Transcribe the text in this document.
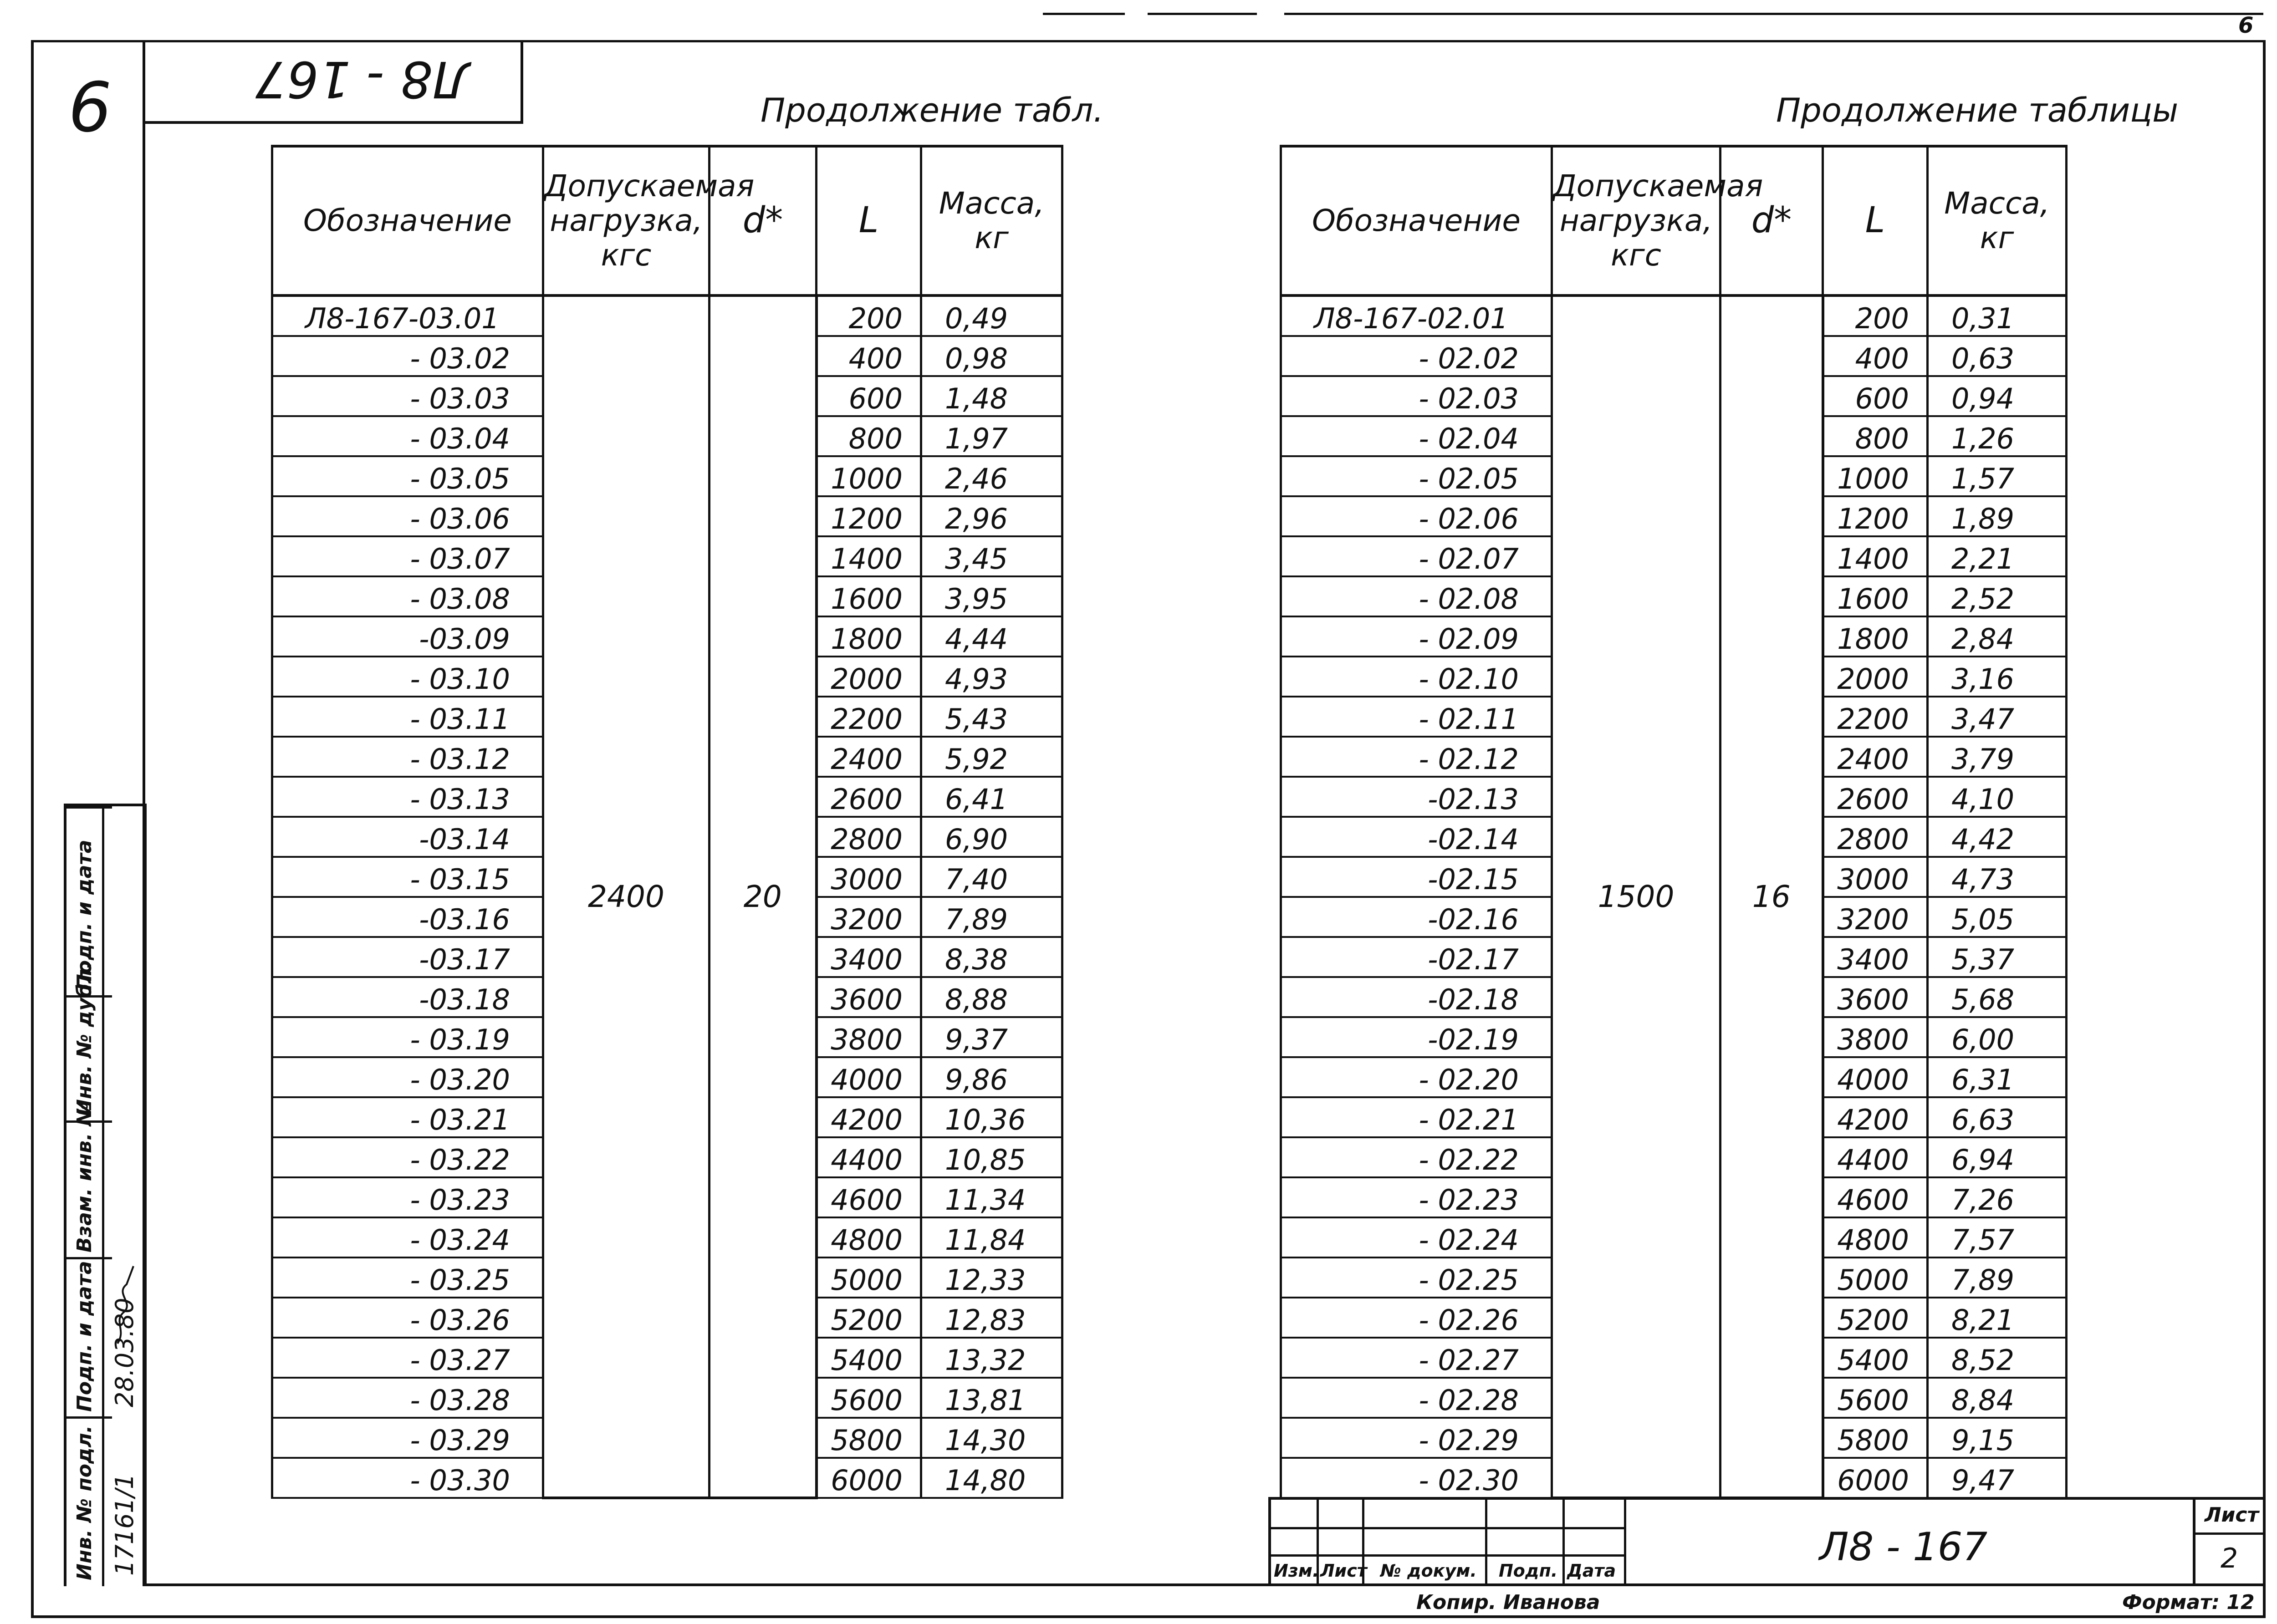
6
6	Л8 - 167
Продолжение табл.	Продолжение таблицы
Обозначение	Допускаемая нагрузка, кгс	d*	L	Масса, кг
Л8-167-03.01	2400	20	200	0,49
- 03.02			400	0,98
- 03.03			600	1,48
- 03.04			800	1,97
- 03.05			1000	2,46
- 03.06			1200	2,96
- 03.07			1400	3,45
- 03.08			1600	3,95
-03.09			1800	4,44
- 03.10			2000	4,93
- 03.11			2200	5,43
- 03.12			2400	5,92
- 03.13			2600	6,41
-03.14			2800	6,90
- 03.15			3000	7,40
-03.16			3200	7,89
-03.17			3400	8,38
-03.18			3600	8,88
- 03.19			3800	9,37
- 03.20			4000	9,86
- 03.21			4200	10,36
- 03.22			4400	10,85
- 03.23			4600	11,34
- 03.24			4800	11,84
- 03.25			5000	12,33
- 03.26			5200	12,83
- 03.27			5400	13,32
- 03.28			5600	13,81
- 03.29			5800	14,30
- 03.30			6000	14,80
Обозначение	Допускаемая нагрузка, кгс	d*	L	Масса, кг
Л8-167-02.01	1500	16	200	0,31
- 02.02			400	0,63
- 02.03			600	0,94
- 02.04			800	1,26
- 02.05			1000	1,57
- 02.06			1200	1,89
- 02.07			1400	2,21
- 02.08			1600	2,52
- 02.09			1800	2,84
- 02.10			2000	3,16
- 02.11			2200	3,47
- 02.12			2400	3,79
-02.13			2600	4,10
-02.14			2800	4,42
-02.15			3000	4,73
-02.16			3200	5,05
-02.17			3400	5,37
-02.18			3600	5,68
-02.19			3800	6,00
- 02.20			4000	6,31
- 02.21			4200	6,63
- 02.22			4400	6,94
- 02.23			4600	7,26
- 02.24			4800	7,57
- 02.25			5000	7,89
- 02.26			5200	8,21
- 02.27			5400	8,52
- 02.28			5600	8,84
- 02.29			5800	9,15
- 02.30			6000	9,47
Инв. № подл.
Подп. и дата
Взам. инв. №
Инв. № дубл.
Подп. и дата
17161/1
28.03.80
Изм. Лист № докум. Подп. Дата
Л8 - 167
Лист
2
Копир. Иванова	Формат: 12
